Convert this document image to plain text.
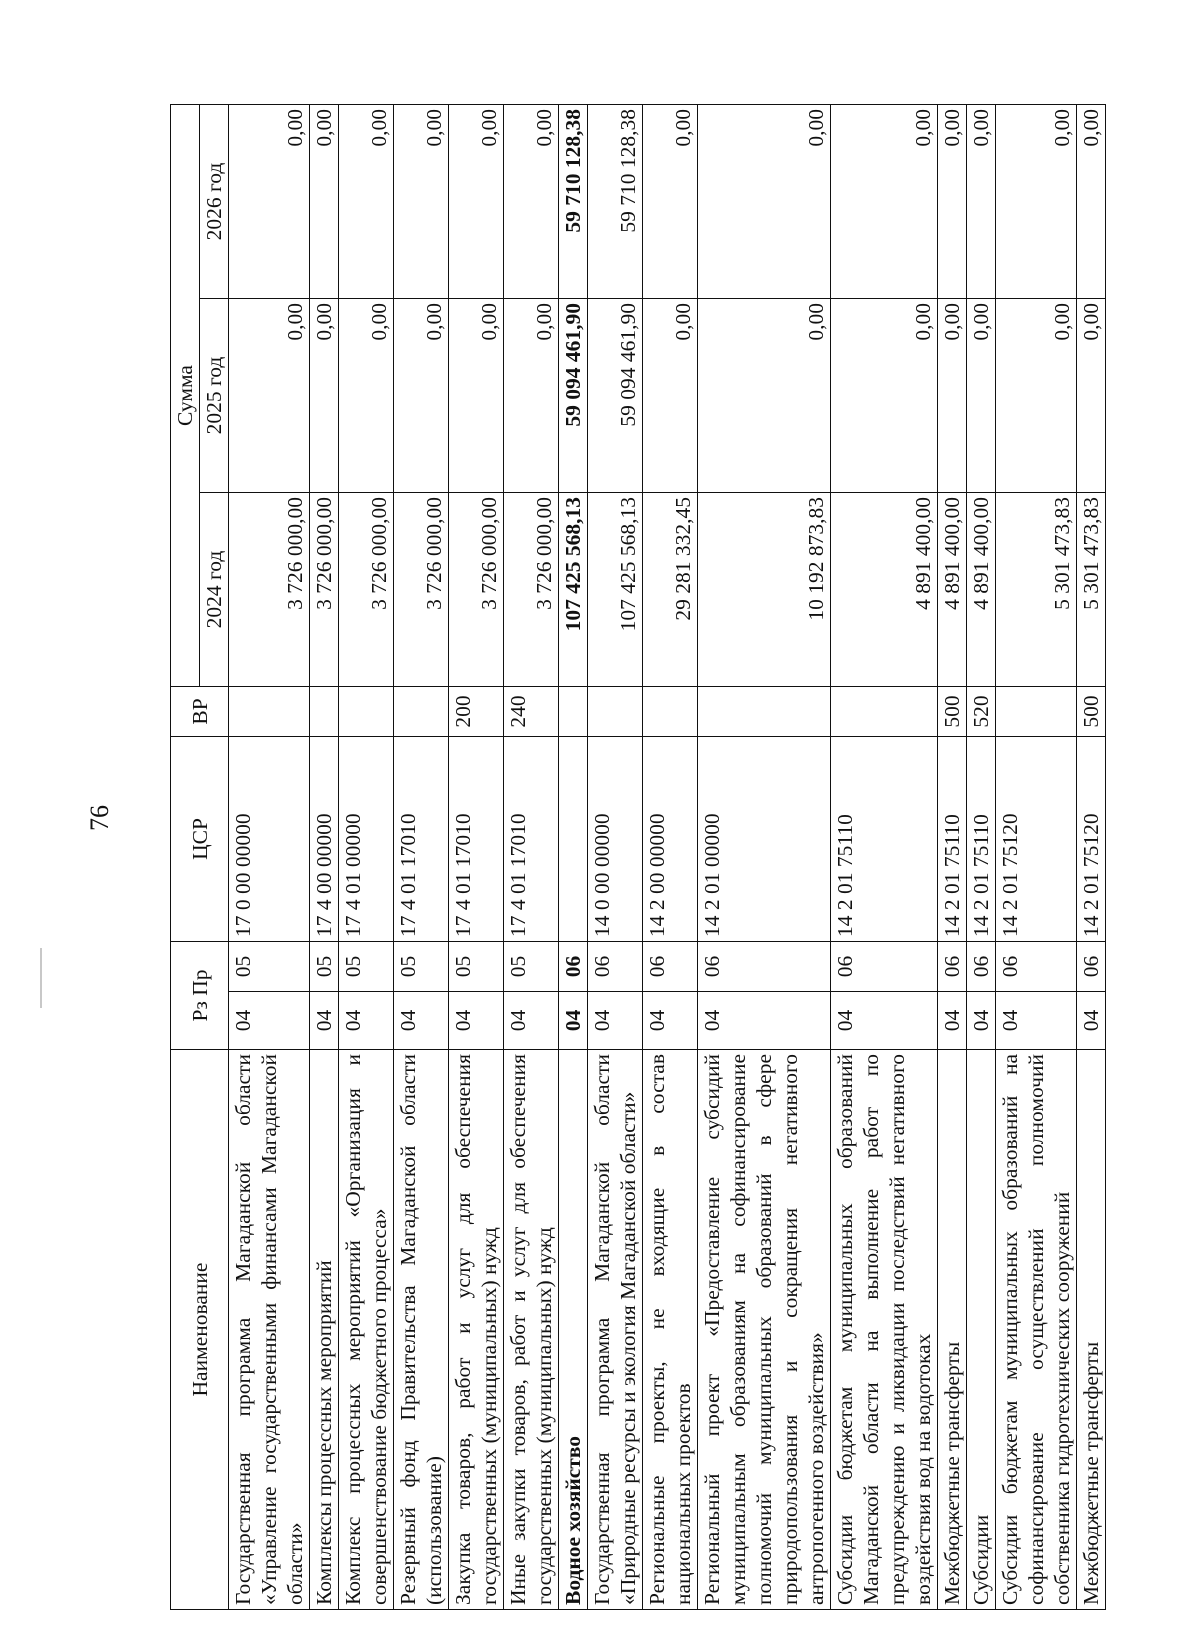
76
Наименование	Рз Пр		ЦСР	ВР	Сумма		
					2024 год	2025 год	2026 год
Государственная программа Магаданской области «Управление государственными финансами Магаданской области»	04	05	17 0 00 00000		3 726 000,00	0,00	0,00
Комплексы процессных мероприятий	04	05	17 4 00 00000		3 726 000,00	0,00	0,00
Комплекс процессных мероприятий «Организация и совершенствование бюджетного процесса»	04	05	17 4 01 00000		3 726 000,00	0,00	0,00
Резервный фонд Правительства Магаданской области (использование)	04	05	17 4 01 17010		3 726 000,00	0,00	0,00
Закупка товаров, работ и услуг для обеспечения государственных (муниципальных) нужд	04	05	17 4 01 17010	200	3 726 000,00	0,00	0,00
Иные закупки товаров, работ и услуг для обеспечения государственных (муниципальных) нужд	04	05	17 4 01 17010	240	3 726 000,00	0,00	0,00
Водное хозяйство	04	06			107 425 568,13	59 094 461,90	59 710 128,38
Государственная программа Магаданской области «Природные ресурсы и экология Магаданской области»	04	06	14 0 00 00000		107 425 568,13	59 094 461,90	59 710 128,38
Региональные проекты, не входящие в состав национальных проектов	04	06	14 2 00 00000		29 281 332,45	0,00	0,00
Региональный проект «Предоставление субсидий муниципальным образованиям на софинансирование полномочий муниципальных образований в сфере природопользования и сокращения негативного антропогенного воздействия»	04	06	14 2 01 00000		10 192 873,83	0,00	0,00
Субсидии бюджетам муниципальных образований Магаданской области на выполнение работ по предупреждению и ликвидации последствий негативного воздействия вод на водотоках	04	06	14 2 01 75110		4 891 400,00	0,00	0,00
Межбюджетные трансферты	04	06	14 2 01 75110	500	4 891 400,00	0,00	0,00
Субсидии	04	06	14 2 01 75110	520	4 891 400,00	0,00	0,00
Субсидии бюджетам муниципальных образований на софинансирование осуществлений полномочий собственника гидротехнических сооружений	04	06	14 2 01 75120		5 301 473,83	0,00	0,00
Межбюджетные трансферты	04	06	14 2 01 75120	500	5 301 473,83	0,00	0,00
